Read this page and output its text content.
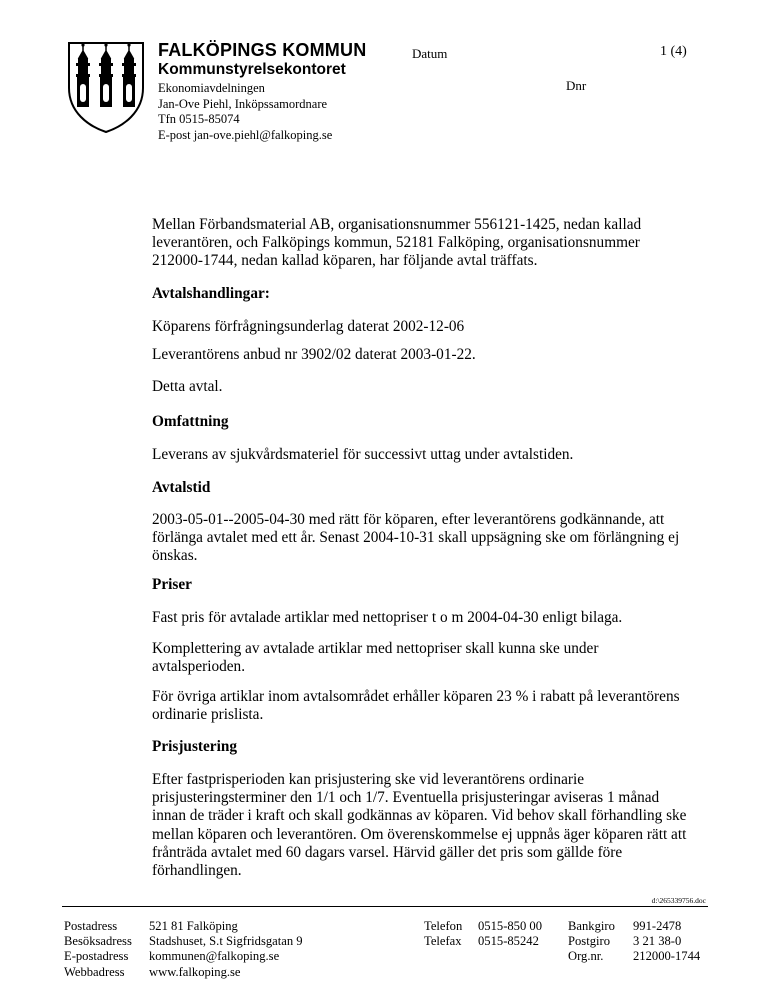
FALKÖPINGS KOMMUN
Kommunstyrelsekontoret
Ekonomiavdelningen
Jan-Ove Piehl, Inköpssamordnare
Tfn 0515-85074
E-post jan-ove.piehl@falkoping.se
Datum	1 (4)
Dnr
Mellan Förbandsmaterial AB, organisationsnummer 556121-1425, nedan kallad leverantören, och Falköpings kommun, 52181 Falköping, organisationsnummer 212000-1744, nedan kallad köparen, har följande avtal träffats.
Avtalshandlingar:
Köparens förfrågningsunderlag daterat 2002-12-06
Leverantörens anbud nr 3902/02 daterat 2003-01-22.
Detta avtal.
Omfattning
Leverans av sjukvårdsmateriel för successivt uttag under avtalstiden.
Avtalstid
2003-05-01--2005-04-30 med rätt för köparen, efter leverantörens godkännande, att förlänga avtalet med ett år. Senast 2004-10-31 skall uppsägning ske om förlängning ej önskas.
Priser
Fast pris för avtalade artiklar med nettopriser t o m 2004-04-30 enligt bilaga.
Komplettering av avtalade artiklar med nettopriser skall kunna ske under avtalsperioden.
För övriga artiklar inom avtalsområdet erhåller köparen 23 % i rabatt på leverantörens ordinarie prislista.
Prisjustering
Efter fastprisperioden kan prisjustering ske vid leverantörens ordinarie prisjusteringsterminer den 1/1 och 1/7. Eventuella prisjusteringar aviseras 1 månad innan de träder i kraft och skall godkännas av köparen. Vid behov skall förhandling ske mellan köparen och leverantören. Om överenskommelse ej uppnås äger köparen rätt att frånträda avtalet med 60 dagars varsel. Härvid gäller det pris som gällde före förhandlingen.
d:\265339756.doc
Postadress
Besöksadress
E-postadress
Webbadress
521 81 Falköping
Stadshuset, S.t Sigfridsgatan 9
kommunen@falkoping.se
www.falkoping.se
Telefon
Telefax
0515-850 00
0515-85242
Bankgiro
Postgiro
Org.nr.
991-2478
3 21 38-0
212000-1744
